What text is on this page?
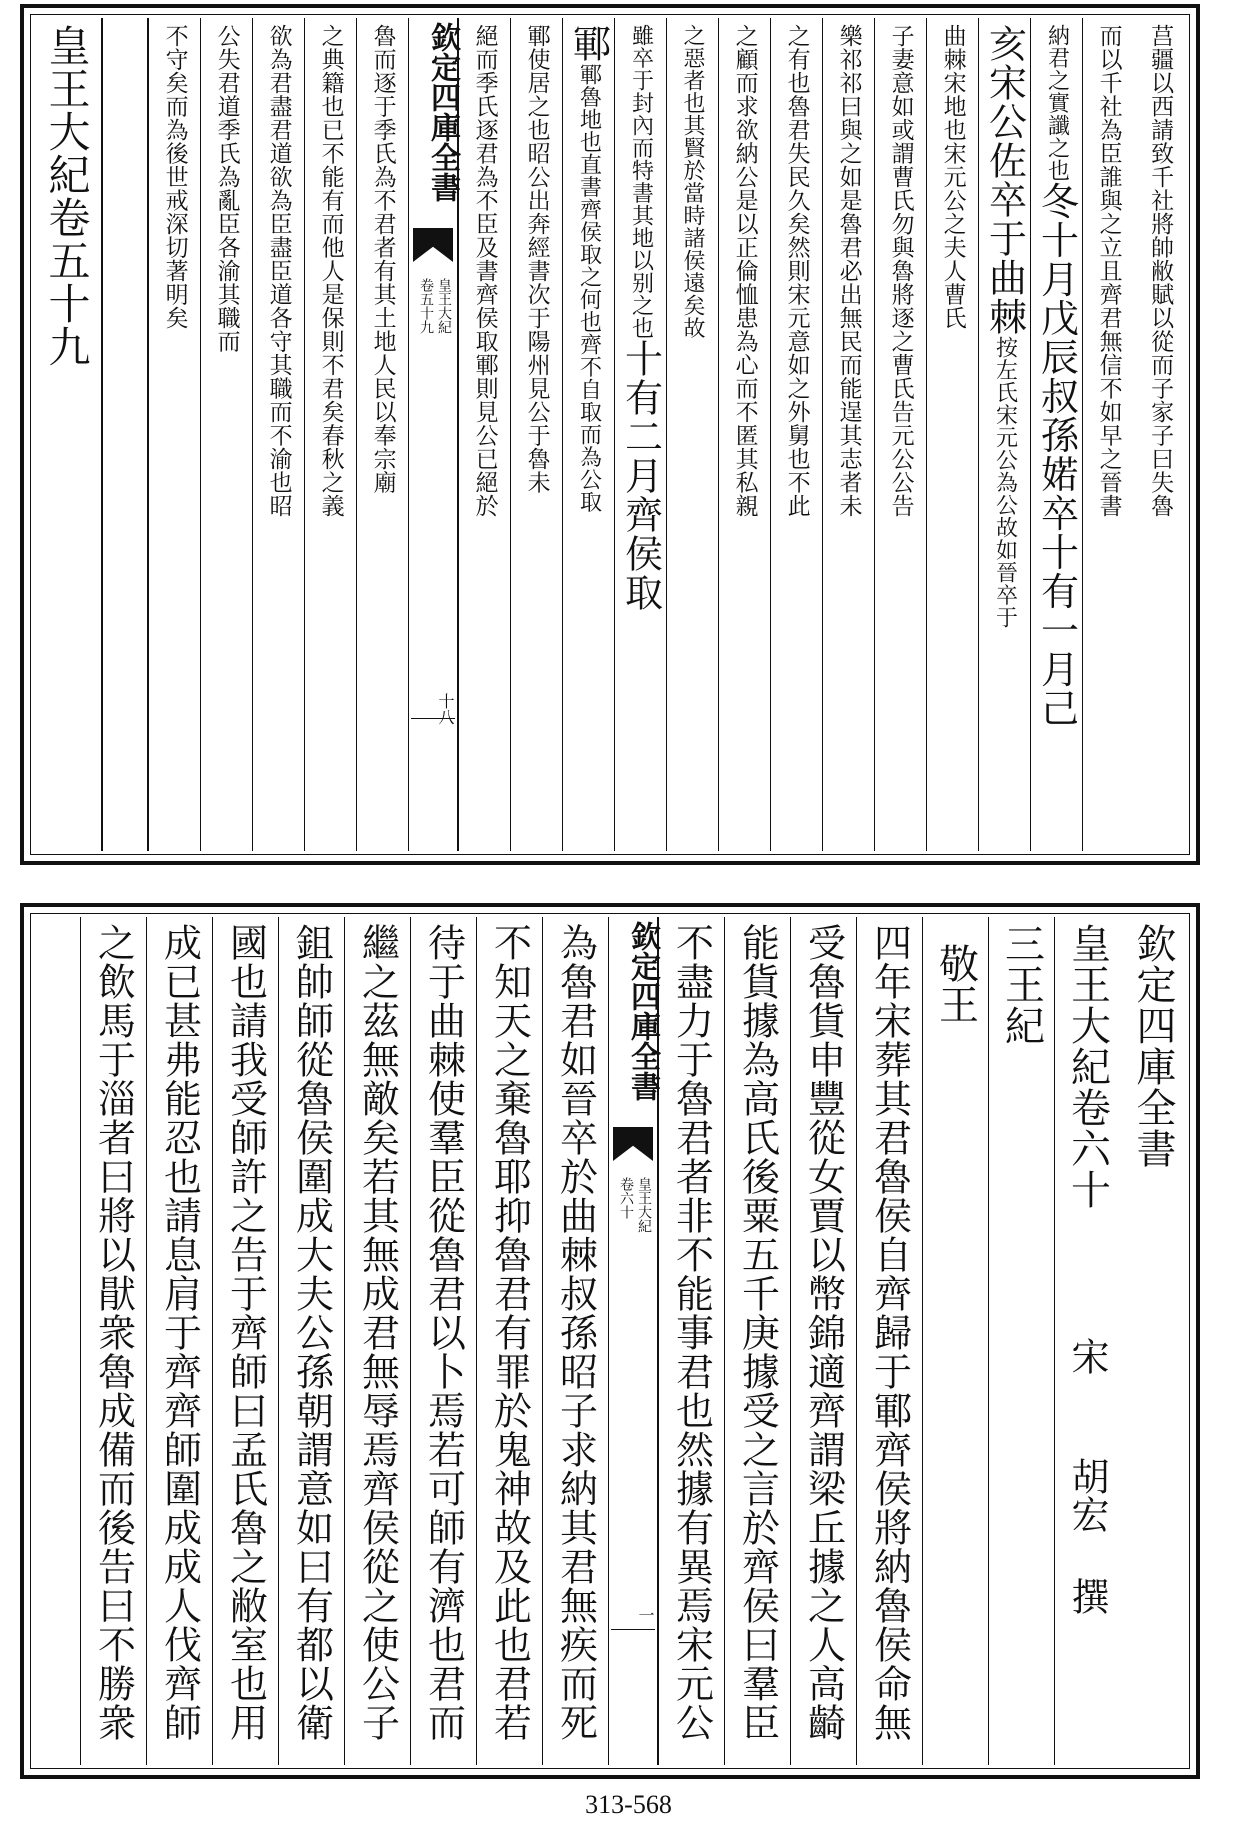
莒疆以西請致千社將帥敝賦以從而子家子曰失魯
而以千社為臣誰與之立且齊君無信不如早之晉書
納君之實讖之也冬十月戊辰叔孫婼卒十有一月己
亥宋公佐卒于曲棘按左氏宋元公為公故如晉卒于
曲棘宋地也宋元公之夫人曹氏
子妻意如或謂曹氏勿與魯將逐之曹氏告元公公告
樂祁祁曰與之如是魯君必出無民而能逞其志者未
之有也魯君失民久矣然則宋元意如之外舅也不此
之顧而求欲納公是以正倫恤患為心而不匿其私親
之惡者也其賢於當時諸侯遠矣故
雖卒于封內而特書其地以别之也十有二月齊侯取
鄆鄆魯地也直書齊侯取之何也齊不自取而為公取
鄆使居之也昭公出奔經書次于陽州見公于魯未
絕而季氏逐君為不臣及書齊侯取鄆則見公已絕於
欽定四庫全書
皇王大紀
卷五十九
十八
魯而逐于季氏為不君者有其土地人民以奉宗廟
之典籍也已不能有而他人是保則不君矣春秋之義
欲為君盡君道欲為臣盡臣道各守其職而不渝也昭
公失君道季氏為亂臣各渝其職而
不守矣而為後世戒深切著明矣
皇王大紀卷五十九
欽定四庫全書
皇王大紀卷六十
宋
胡宏
撰
三王紀
敬王
四年宋葬其君魯侯自齊歸于鄆齊侯將納魯侯命無
受魯貨申豐從女賈以幣錦適齊謂梁丘據之人高齮
能貨據為高氏後粟五千庚據受之言於齊侯曰羣臣
不盡力于魯君者非不能事君也然據有異焉宋元公
欽定四庫全書
皇王大紀
卷六十
一
為魯君如晉卒於曲棘叔孫昭子求納其君無疾而死
不知天之棄魯耶抑魯君有罪於鬼神故及此也君若
待于曲棘使羣臣從魯君以卜焉若可師有濟也君而
繼之茲無敵矣若其無成君無辱焉齊侯從之使公子
鉏帥師從魯侯圍成大夫公孫朝謂意如曰有都以衛
國也請我受師許之告于齊師曰孟氏魯之敝室也用
成已甚弗能忍也請息肩于齊齊師圍成成人伐齊師
之飲馬于淄者曰將以猒衆魯成備而後告曰不勝衆
313-568
